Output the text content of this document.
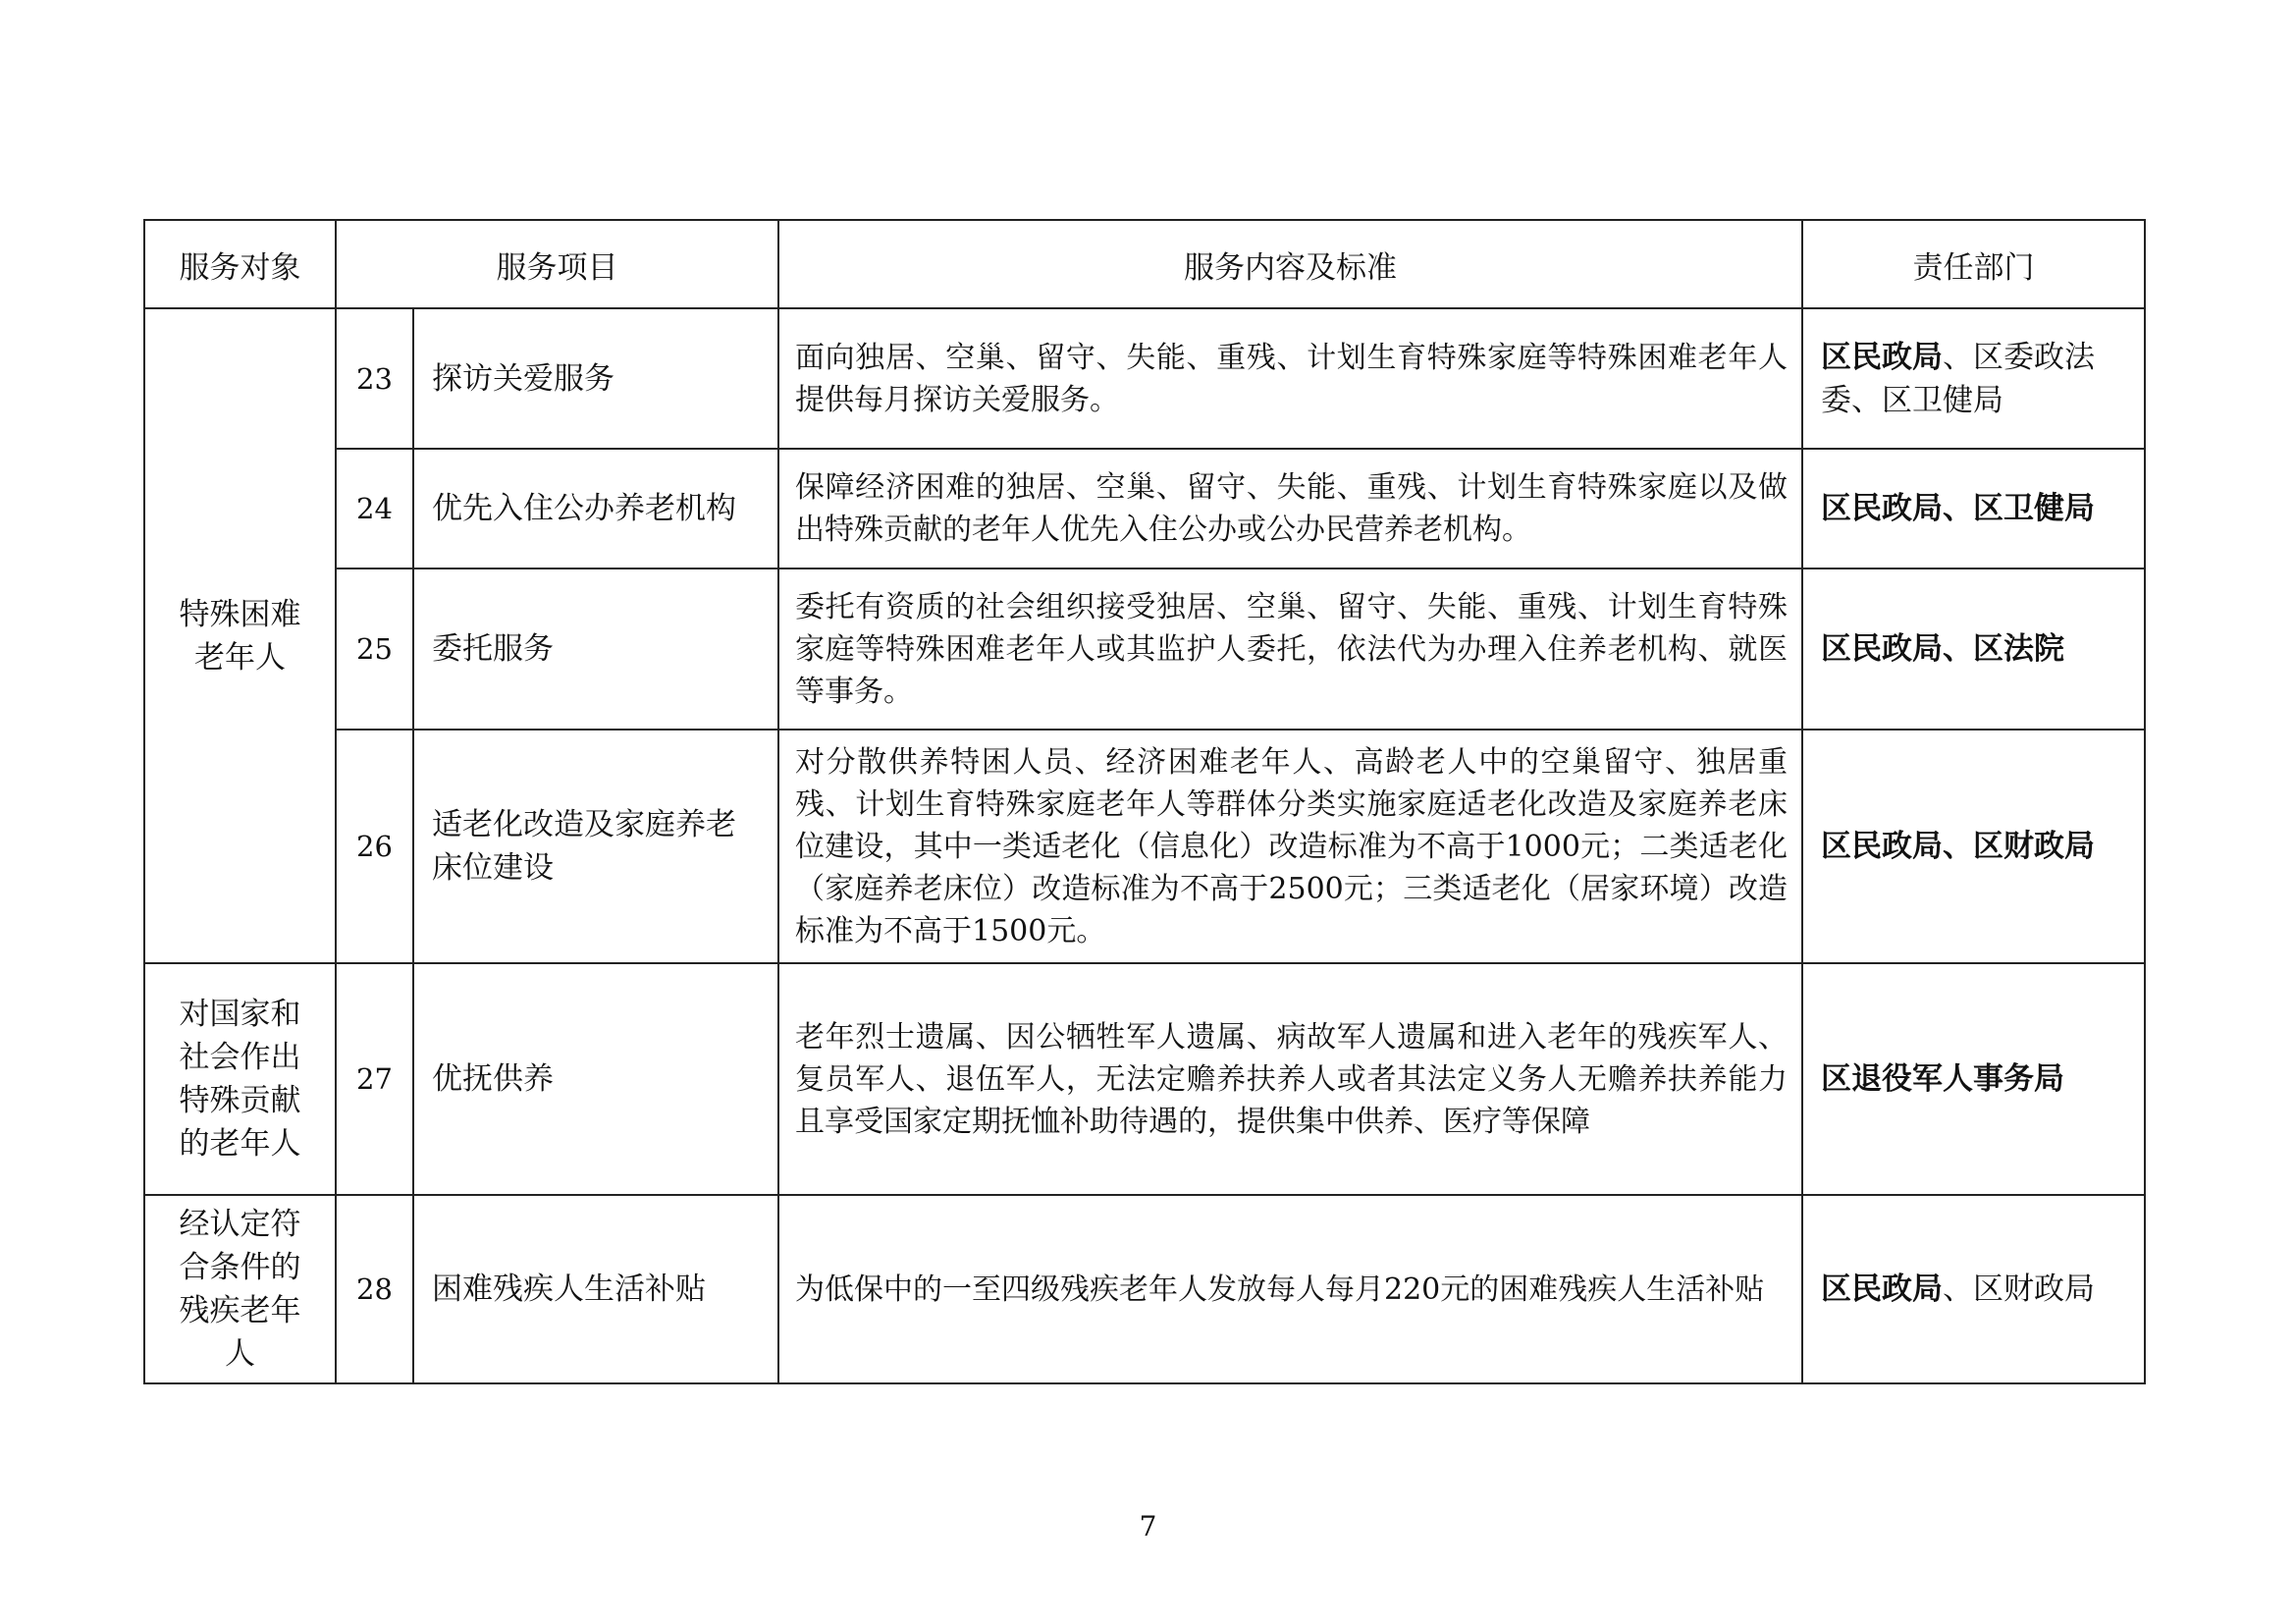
服务对象	服务项目		服务内容及标准	责任部门
特殊困难
老年人	23	探访关爱服务	面向独居、空巢、留守、失能、重残、计划生育特殊家庭等特殊困难老年人提供每月探访关爱服务。	区民政局、区委政法委、区卫健局
	24	优先入住公办养老机构	保障经济困难的独居、空巢、留守、失能、重残、计划生育特殊家庭以及做出特殊贡献的老年人优先入住公办或公办民营养老机构。	区民政局、区卫健局
	25	委托服务	委托有资质的社会组织接受独居、空巢、留守、失能、重残、计划生育特殊家庭等特殊困难老年人或其监护人委托，依法代为办理入住养老机构、就医等事务。	区民政局、区法院
	26	适老化改造及家庭养老床位建设	对分散供养特困人员、经济困难老年人、高龄老人中的空巢留守、独居重残、计划生育特殊家庭老年人等群体分类实施家庭适老化改造及家庭养老床位建设，其中一类适老化（信息化）改造标准为不高于1000元；二类适老化（家庭养老床位）改造标准为不高于2500元；三类适老化（居家环境）改造标准为不高于1500元。	区民政局、区财政局
对国家和
社会作出
特殊贡献
的老年人	27	优抚供养	老年烈士遗属、因公牺牲军人遗属、病故军人遗属和进入老年的残疾军人、复员军人、退伍军人，无法定赡养扶养人或者其法定义务人无赡养扶养能力且享受国家定期抚恤补助待遇的，提供集中供养、医疗等保障	区退役军人事务局
经认定符
合条件的
残疾老年
人	28	困难残疾人生活补贴	为低保中的一至四级残疾老年人发放每人每月220元的困难残疾人生活补贴	区民政局、区财政局
7
